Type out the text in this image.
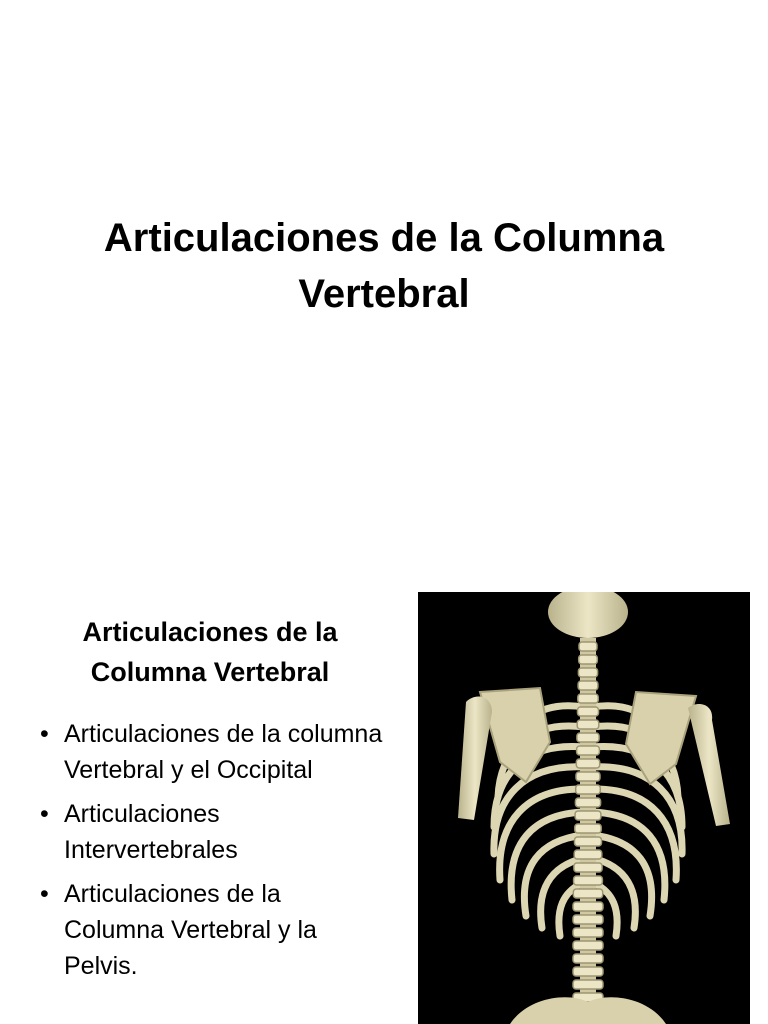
Articulaciones de la Columna Vertebral
Articulaciones de la Columna Vertebral
• Articulaciones de la columna Vertebral y el Occipital
• Articulaciones Intervertebrales
• Articulaciones de la Columna Vertebral y la Pelvis.
